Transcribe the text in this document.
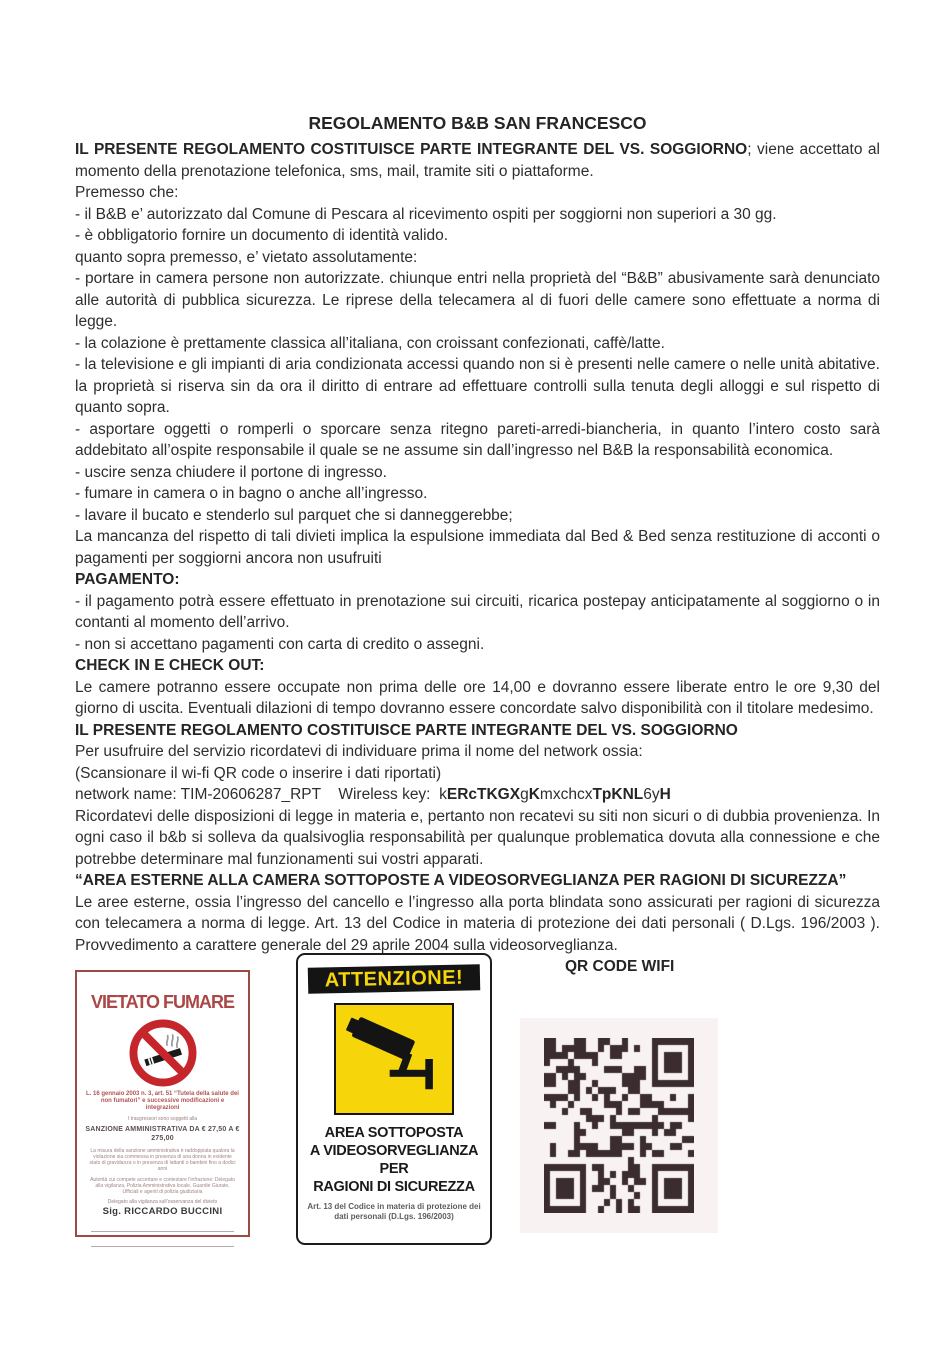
REGOLAMENTO B&B SAN FRANCESCO

IL PRESENTE REGOLAMENTO COSTITUISCE PARTE INTEGRANTE DEL VS. SOGGIORNO; viene accettato al momento della prenotazione telefonica, sms, mail, tramite siti o piattaforme.

Premesso che:

- il B&B e’ autorizzato dal Comune di Pescara al ricevimento ospiti per soggiorni non superiori a 30 gg.

- è obbligatorio fornire un documento di identità valido.

quanto sopra premesso, e’ vietato assolutamente:

- portare in camera persone non autorizzate. chiunque entri nella proprietà del “B&B” abusivamente sarà denunciato alle autorità di pubblica sicurezza. Le riprese della telecamera al di fuori delle camere sono effettuate a norma di legge.

- la colazione è prettamente classica all’italiana, con croissant confezionati, caffè/latte.

- la televisione e gli impianti di aria condizionata accessi quando non si è presenti nelle camere o nelle unità abitative. la proprietà si riserva sin da ora il diritto di entrare ad effettuare controlli sulla tenuta degli alloggi e sul rispetto di quanto sopra.

- asportare oggetti o romperli o sporcare senza ritegno pareti-arredi-biancheria, in quanto l’intero costo sarà addebitato all’ospite responsabile il quale se ne assume sin dall’ingresso nel B&B la responsabilità economica.

- uscire senza chiudere il portone di ingresso.

- fumare in camera o in bagno o anche all’ingresso.

- lavare il bucato e stenderlo sul parquet che si danneggerebbe;

La mancanza del rispetto di tali divieti implica la espulsione immediata dal Bed & Bed senza restituzione di acconti o pagamenti per soggiorni ancora non usufruiti

PAGAMENTO:

- il pagamento potrà essere effettuato in prenotazione sui circuiti, ricarica postepay anticipatamente al soggiorno o in contanti al momento dell’arrivo.

- non si accettano pagamenti con carta di credito o assegni.

CHECK IN E CHECK OUT:

Le camere potranno essere occupate non prima delle ore 14,00 e dovranno essere liberate entro le ore 9,30 del giorno di uscita. Eventuali dilazioni di tempo dovranno essere concordate salvo disponibilità con il titolare medesimo.

IL PRESENTE REGOLAMENTO COSTITUISCE PARTE INTEGRANTE DEL VS. SOGGIORNO

Per usufruire del servizio ricordatevi di individuare prima il nome del network ossia:

(Scansionare il wi-fi QR code o inserire i dati riportati)

network name: TIM-20606287_RPT    Wireless key:  kERcTKGXgKmxchcxTpKNL6yH

Ricordatevi delle disposizioni di legge in materia e, pertanto non recatevi su siti non sicuri o di dubbia provenienza. In ogni caso il b&b si solleva da qualsivoglia responsabilità per qualunque problematica dovuta alla connessione e che potrebbe determinare mal funzionamenti sui vostri apparati.

“AREA ESTERNE ALLA CAMERA SOTTOPOSTE A VIDEOSORVEGLIANZA PER RAGIONI DI SICUREZZA”

Le aree esterne, ossia l’ingresso del cancello e l’ingresso alla porta blindata sono assicurati per ragioni di sicurezza con telecamera a norma di legge. Art. 13 del Codice in materia di protezione dei dati personali ( D.Lgs. 196/2003 ). Provvedimento a carattere generale del 29 aprile 2004 sulla videosorveglianza.

QR CODE WIFI

VIETATO FUMARE
L. 16 gennaio 2003 n. 3, art. 51 “Tutela della salute dei non fumatori” e successive modificazioni e integrazioni
I trasgressori sono soggetti alla
SANZIONE AMMINISTRATIVA DA € 27,50 A € 275,00
La misura della sanzione amministrativa è raddoppiata qualora la violazione sia commessa in presenza di una donna in evidente stato di gravidanza o in presenza di lattanti o bambini fino a dodici anni
Autorità cui compete accertare e contestare l’infrazione: Delegato alla vigilanza, Polizia Amministrativa locale, Guardie Giurate, Ufficiali e agenti di polizia giudiziaria
Delegato alla vigilanza sull’osservanza del divieto
Sig. RICCARDO BUCCINI
ATTENZIONE!
AREA SOTTOPOSTA
A VIDEOSORVEGLIANZA
PER
RAGIONI DI SICUREZZA
Art. 13 del Codice in materia di protezione dei dati personali (D.Lgs. 196/2003)
